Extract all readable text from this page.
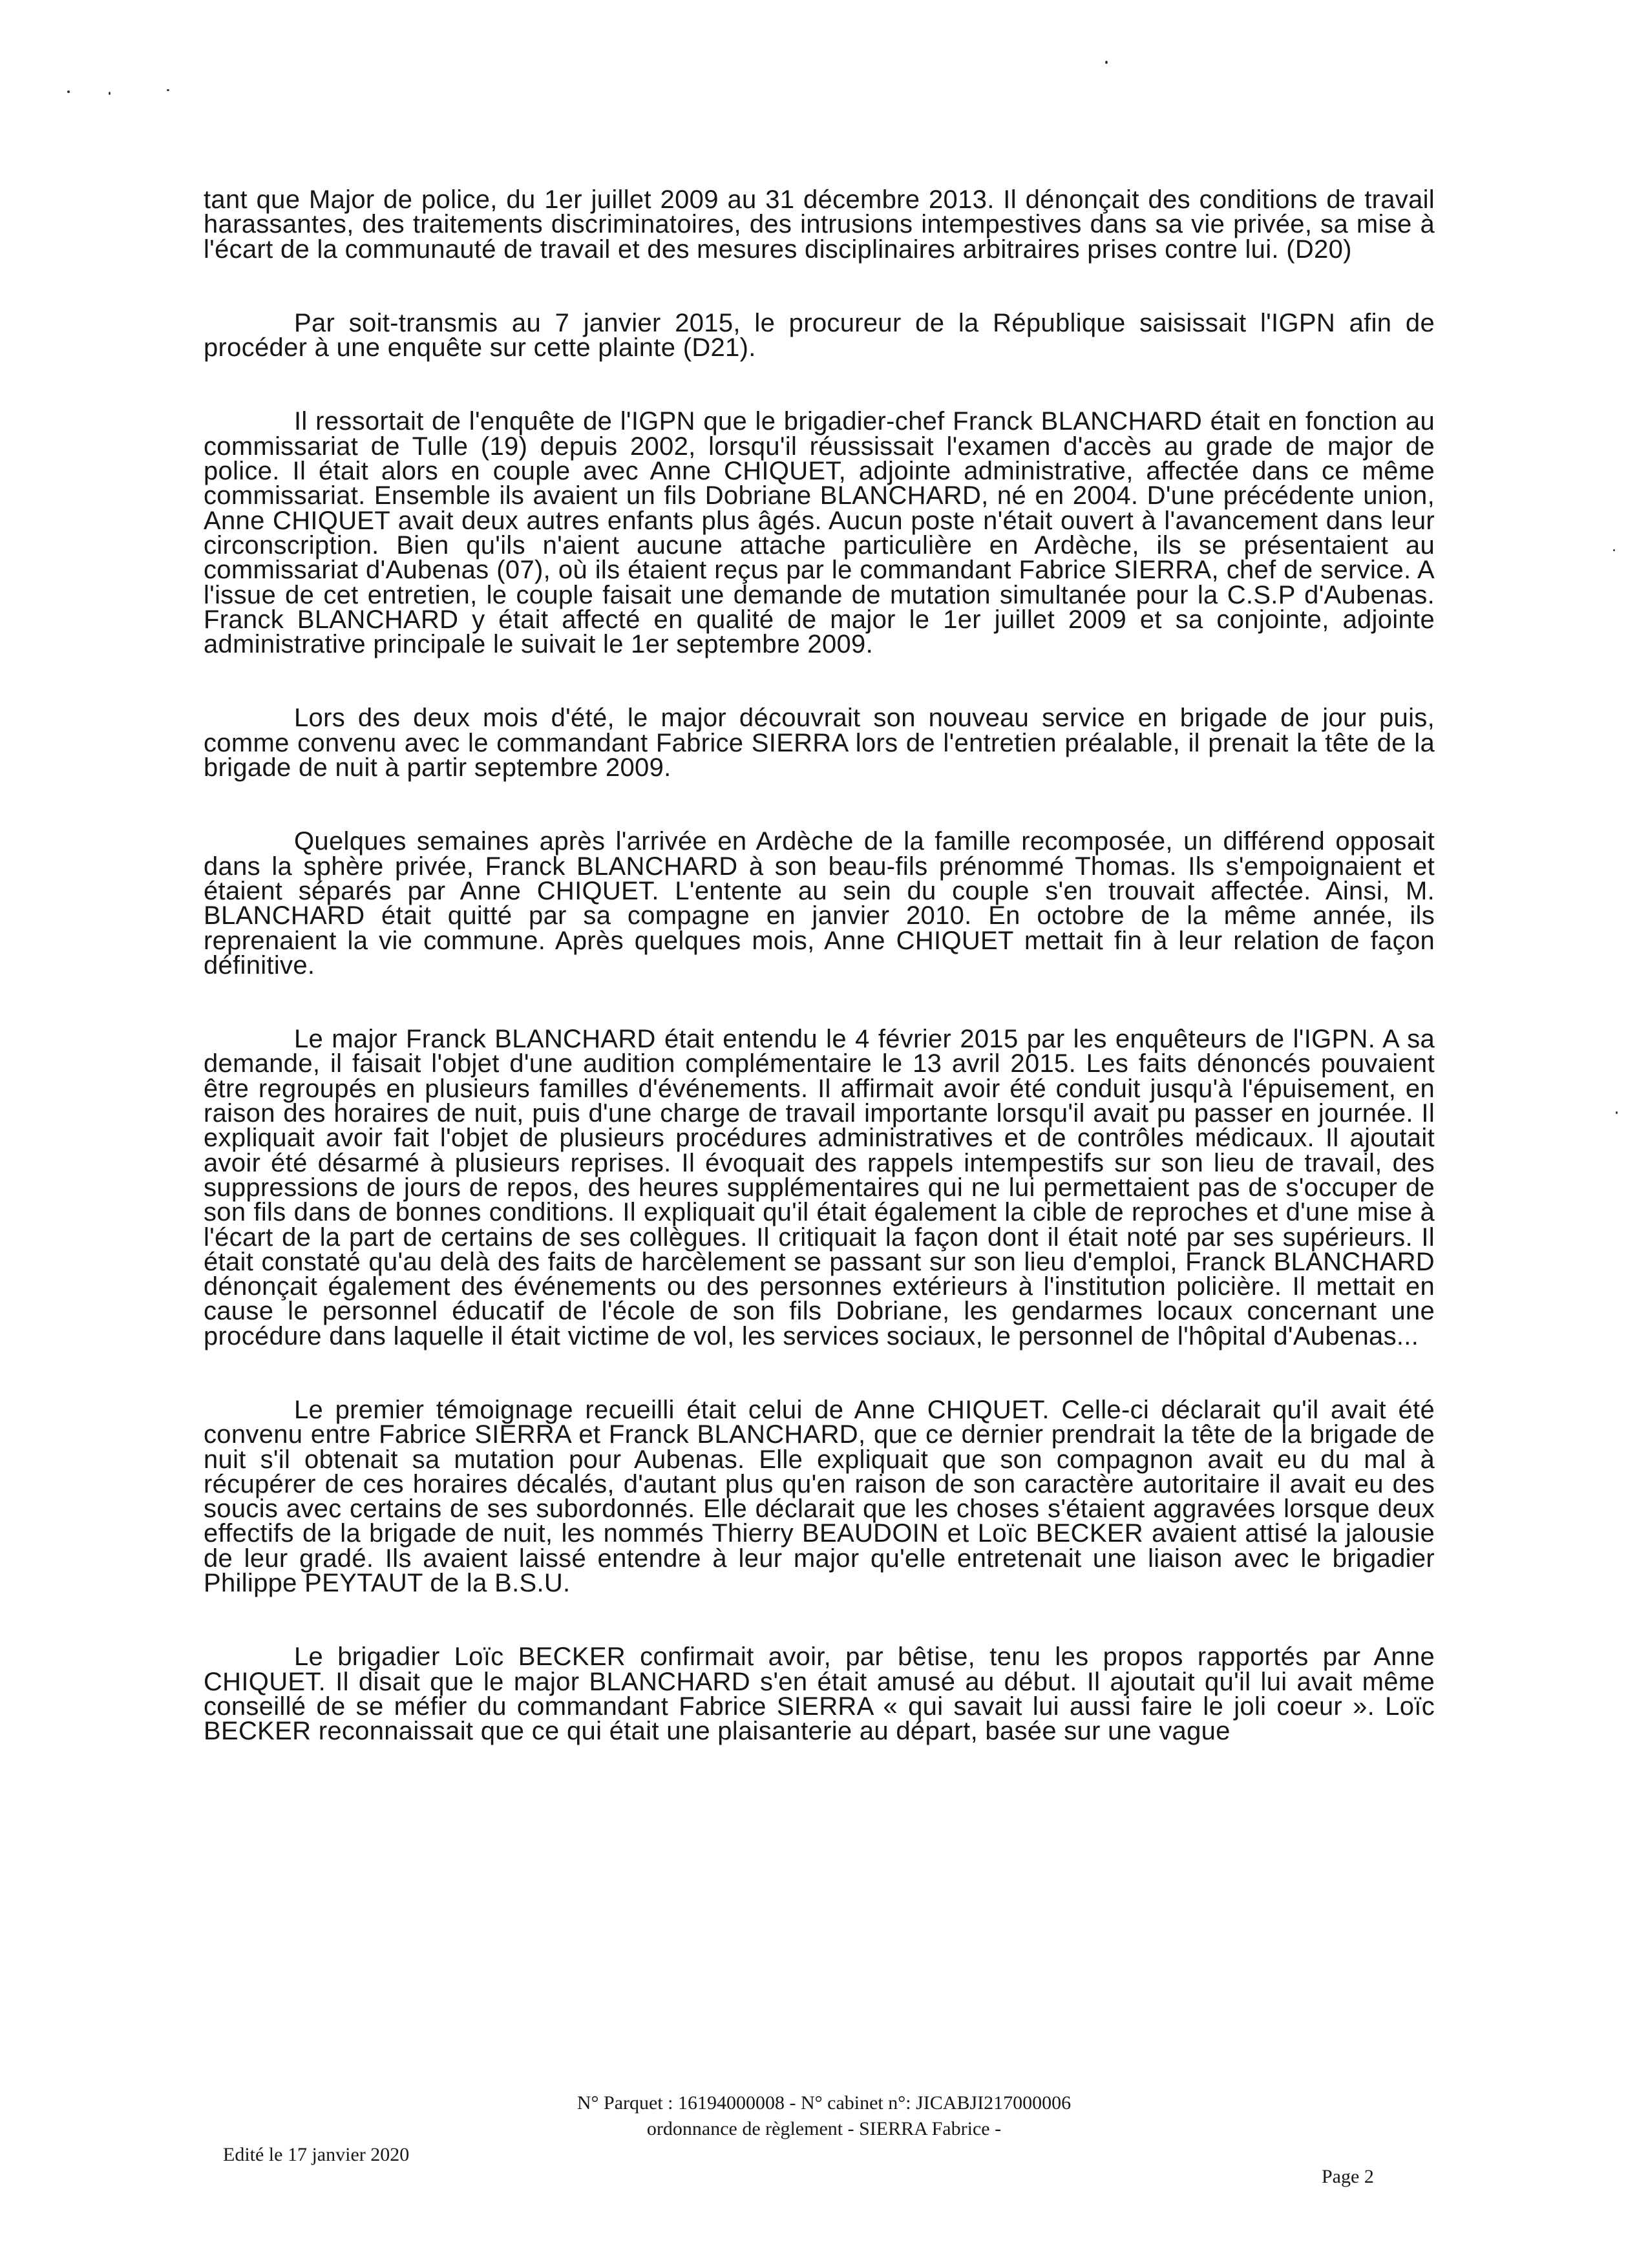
tant que Major de police, du 1er juillet 2009 au 31 décembre 2013. Il dénonçait des conditions de travail harassantes, des traitements discriminatoires, des intrusions intempestives dans sa vie privée, sa mise à l'écart de la communauté de travail et des mesures disciplinaires arbitraires prises contre lui. (D20)

Par soit-transmis au 7 janvier 2015, le procureur de la République saisissait l'IGPN afin de procéder à une enquête sur cette plainte (D21).

Il ressortait de l'enquête de l'IGPN que le brigadier-chef Franck BLANCHARD était en fonction au commissariat de Tulle (19) depuis 2002, lorsqu'il réussissait l'examen d'accès au grade de major de police. Il était alors en couple avec Anne CHIQUET, adjointe administrative, affectée dans ce même commissariat. Ensemble ils avaient un fils Dobriane BLANCHARD, né en 2004. D'une précédente union, Anne CHIQUET avait deux autres enfants plus âgés. Aucun poste n'était ouvert à l'avancement dans leur circonscription. Bien qu'ils n'aient aucune attache particulière en Ardèche, ils se présentaient au commissariat d'Aubenas (07), où ils étaient reçus par le commandant Fabrice SIERRA, chef de service. A l'issue de cet entretien, le couple faisait une demande de mutation simultanée pour la C.S.P d'Aubenas. Franck BLANCHARD y était affecté en qualité de major le 1er juillet 2009 et sa conjointe, adjointe administrative principale le suivait le 1er septembre 2009.

Lors des deux mois d'été, le major découvrait son nouveau service en brigade de jour puis, comme convenu avec le commandant Fabrice SIERRA lors de l'entretien préalable, il prenait la tête de la brigade de nuit à partir septembre 2009.

Quelques semaines après l'arrivée en Ardèche de la famille recomposée, un différend opposait dans la sphère privée, Franck BLANCHARD à son beau-fils prénommé Thomas. Ils s'empoignaient et étaient séparés par Anne CHIQUET. L'entente au sein du couple s'en trouvait affectée. Ainsi, M. BLANCHARD était quitté par sa compagne en janvier 2010. En octobre de la même année, ils reprenaient la vie commune. Après quelques mois, Anne CHIQUET mettait fin à leur relation de façon définitive.

Le major Franck BLANCHARD était entendu le 4 février 2015 par les enquêteurs de l'IGPN. A sa demande, il faisait l'objet d'une audition complémentaire le 13 avril 2015. Les faits dénoncés pouvaient être regroupés en plusieurs familles d'événements. Il affirmait avoir été conduit jusqu'à l'épuisement, en raison des horaires de nuit, puis d'une charge de travail importante lorsqu'il avait pu passer en journée. Il expliquait avoir fait l'objet de plusieurs procédures administratives et de contrôles médicaux. Il ajoutait avoir été désarmé à plusieurs reprises. Il évoquait des rappels intempestifs sur son lieu de travail, des suppressions de jours de repos, des heures supplémentaires qui ne lui permettaient pas de s'occuper de son fils dans de bonnes conditions. Il expliquait qu'il était également la cible de reproches et d'une mise à l'écart de la part de certains de ses collègues. Il critiquait la façon dont il était noté par ses supérieurs. Il était constaté qu'au delà des faits de harcèlement se passant sur son lieu d'emploi, Franck BLANCHARD dénonçait également des événements ou des personnes extérieurs à l'institution policière. Il mettait en cause le personnel éducatif de l'école de son fils Dobriane, les gendarmes locaux concernant une procédure dans laquelle il était victime de vol, les services sociaux, le personnel de l'hôpital d'Aubenas...

Le premier témoignage recueilli était celui de Anne CHIQUET. Celle-ci déclarait qu'il avait été convenu entre Fabrice SIERRA et Franck BLANCHARD, que ce dernier prendrait la tête de la brigade de nuit s'il obtenait sa mutation pour Aubenas. Elle expliquait que son compagnon avait eu du mal à récupérer de ces horaires décalés, d'autant plus qu'en raison de son caractère autoritaire il avait eu des soucis avec certains de ses subordonnés. Elle déclarait que les choses s'étaient aggravées lorsque deux effectifs de la brigade de nuit, les nommés Thierry BEAUDOIN et Loïc BECKER avaient attisé la jalousie de leur gradé. Ils avaient laissé entendre à leur major qu'elle entretenait une liaison avec le brigadier Philippe PEYTAUT de la B.S.U.

Le brigadier Loïc BECKER confirmait avoir, par bêtise, tenu les propos rapportés par Anne CHIQUET. Il disait que le major BLANCHARD s'en était amusé au début. Il ajoutait qu'il lui avait même conseillé de se méfier du commandant Fabrice SIERRA « qui savait lui aussi faire le joli coeur ». Loïc BECKER reconnaissait que ce qui était une plaisanterie au départ, basée sur une vague

N° Parquet : 16194000008 - N° cabinet n°: JICABJI217000006
ordonnance de règlement - SIERRA Fabrice -
Edité le 17 janvier 2020
Page 2
